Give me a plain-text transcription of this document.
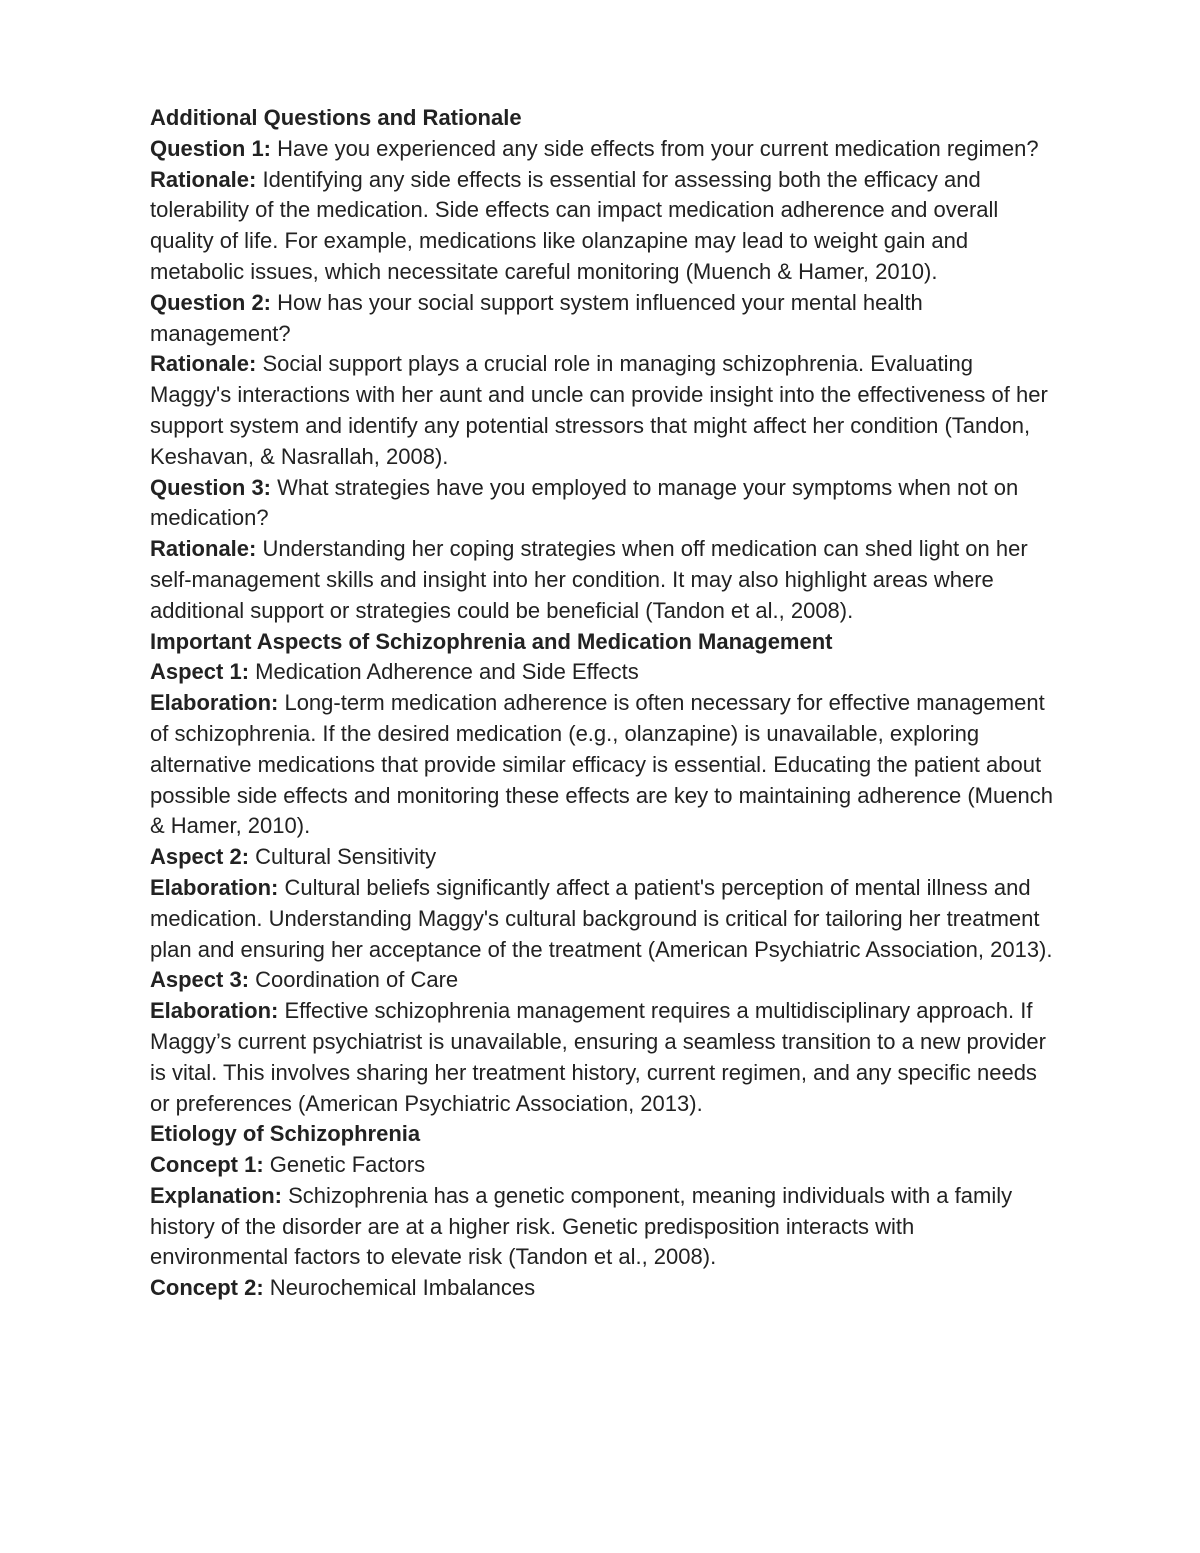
Additional Questions and Rationale

Question 1: Have you experienced any side effects from your current medication regimen?

Rationale: Identifying any side effects is essential for assessing both the efficacy and tolerability of the medication. Side effects can impact medication adherence and overall quality of life. For example, medications like olanzapine may lead to weight gain and metabolic issues, which necessitate careful monitoring (Muench & Hamer, 2010).

Question 2: How has your social support system influenced your mental health management?

Rationale: Social support plays a crucial role in managing schizophrenia. Evaluating Maggy's interactions with her aunt and uncle can provide insight into the effectiveness of her support system and identify any potential stressors that might affect her condition (Tandon, Keshavan, & Nasrallah, 2008).

Question 3: What strategies have you employed to manage your symptoms when not on medication?

Rationale: Understanding her coping strategies when off medication can shed light on her self-management skills and insight into her condition. It may also highlight areas where additional support or strategies could be beneficial (Tandon et al., 2008).

Important Aspects of Schizophrenia and Medication Management

Aspect 1: Medication Adherence and Side Effects

Elaboration: Long-term medication adherence is often necessary for effective management of schizophrenia. If the desired medication (e.g., olanzapine) is unavailable, exploring alternative medications that provide similar efficacy is essential. Educating the patient about possible side effects and monitoring these effects are key to maintaining adherence (Muench & Hamer, 2010).

Aspect 2: Cultural Sensitivity

Elaboration: Cultural beliefs significantly affect a patient's perception of mental illness and medication. Understanding Maggy's cultural background is critical for tailoring her treatment plan and ensuring her acceptance of the treatment (American Psychiatric Association, 2013).

Aspect 3: Coordination of Care

Elaboration: Effective schizophrenia management requires a multidisciplinary approach. If Maggy’s current psychiatrist is unavailable, ensuring a seamless transition to a new provider is vital. This involves sharing her treatment history, current regimen, and any specific needs or preferences (American Psychiatric Association, 2013).

Etiology of Schizophrenia

Concept 1: Genetic Factors

Explanation: Schizophrenia has a genetic component, meaning individuals with a family history of the disorder are at a higher risk. Genetic predisposition interacts with environmental factors to elevate risk (Tandon et al., 2008).

Concept 2: Neurochemical Imbalances
